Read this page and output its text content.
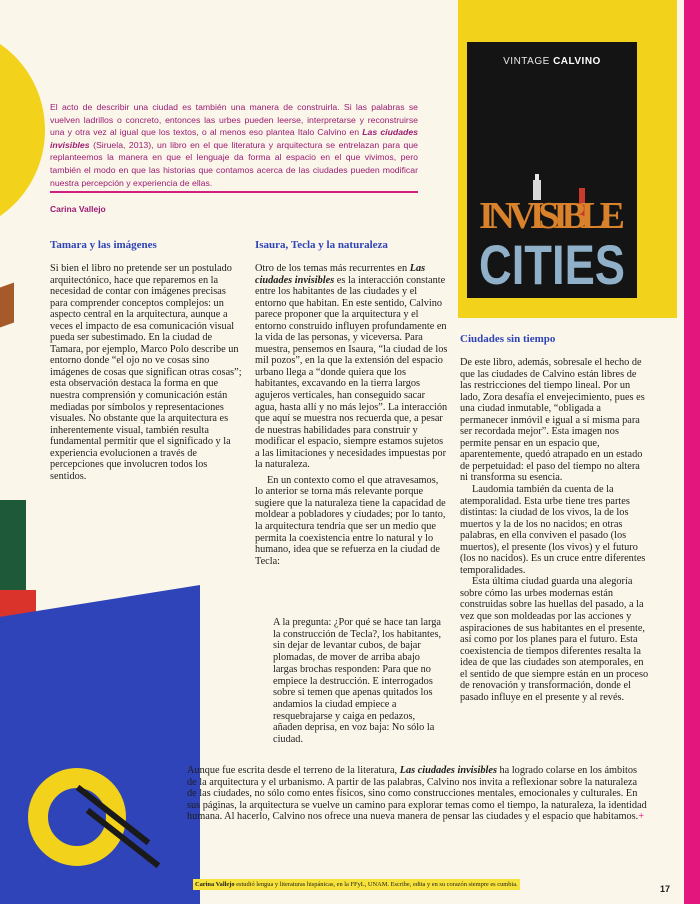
VINTAGE CALVINO
INVISIBLE
CITIES
El acto de describir una ciudad es también una manera de construirla. Si las palabras se vuelven ladrillos o concreto, entonces las urbes pueden leerse, interpretarse y reconstruirse una y otra vez al igual que los textos, o al menos eso plantea Italo Calvino en Las ciudades invisibles (Siruela, 2013), un libro en el que literatura y arquitectura se entrelazan para que replanteemos la manera en que el lenguaje da forma al espacio en el que vivimos, pero también el modo en que las historias que contamos acerca de las ciudades pueden modificar nuestra percepción y experiencia de ellas.
Carina Vallejo
Tamara y las imágenes

Si bien el libro no pretende ser un postulado arquitectónico, hace que reparemos en la necesidad de contar con imágenes precisas para comprender conceptos complejos: un aspecto central en la arquitectura, aunque a veces el impacto de esa comunicación visual pueda ser subestimado. En la ciudad de Tamara, por ejemplo, Marco Polo describe un entorno donde “el ojo no ve cosas sino imágenes de cosas que significan otras cosas”; esta observación destaca la forma en que nuestra comprensión y comunicación están mediadas por símbolos y representaciones visuales. No obstante que la arquitectura es inherentemente visual, también resulta fundamental permitir que el significado y la experiencia evolucionen a través de percepciones que involucren todos los sentidos.

Isaura, Tecla y la naturaleza

Otro de los temas más recurrentes en Las ciudades invisibles es la interacción constante entre los habitantes de las ciudades y el entorno que habitan. En este sentido, Calvino parece proponer que la arquitectura y el entorno construido influyen profundamente en la vida de las personas, y viceversa. Para muestra, pensemos en Isaura, “la ciudad de los mil pozos”, en la que la extensión del espacio urbano llega a “donde quiera que los habitantes, excavando en la tierra largos agujeros verticales, han conseguido sacar agua, hasta allí y no más lejos”. La interacción que aquí se muestra nos recuerda que, a pesar de nuestras habilidades para construir y modificar el espacio, siempre estamos sujetos a las limitaciones y necesidades impuestas por la naturaleza.

En un contexto como el que atravesamos, lo anterior se torna más relevante porque sugiere que la naturaleza tiene la capacidad de moldear a pobladores y ciudades; por lo tanto, la arquitectura tendría que ser un medio que permita la coexistencia entre lo natural y lo humano, idea que se refuerza en la ciudad de Tecla:

A la pregunta: ¿Por qué se hace tan larga la construcción de Tecla?, los habitantes, sin dejar de levantar cubos, de bajar plomadas, de mover de arriba abajo largas brochas responden: Para que no empiece la destrucción. E interrogados sobre si temen que apenas quitados los andamios la ciudad empiece a resquebrajarse y caiga en pedazos, añaden deprisa, en voz baja: No sólo la ciudad.
Ciudades sin tiempo

De este libro, además, sobresale el hecho de que las ciudades de Calvino están libres de las restricciones del tiempo lineal. Por un lado, Zora desafía el envejecimiento, pues es una ciudad inmutable, “obligada a permanecer inmóvil e igual a sí misma para ser recordada mejor”. Esta imagen nos permite pensar en un espacio que, aparentemente, quedó atrapado en un estado de perpetuidad: el paso del tiempo no altera ni transforma su esencia.

Laudomia también da cuenta de la atemporalidad. Esta urbe tiene tres partes distintas: la ciudad de los vivos, la de los muertos y la de los no nacidos; en otras palabras, en ella conviven el pasado (los muertos), el presente (los vivos) y el futuro (los no nacidos). Es un cruce entre diferentes temporalidades.

Esta última ciudad guarda una alegoría sobre cómo las urbes modernas están construidas sobre las huellas del pasado, a la vez que son moldeadas por las acciones y aspiraciones de sus habitantes en el presente, así como por los planes para el futuro. Esta coexistencia de tiempos diferentes resalta la idea de que las ciudades son atemporales, en el sentido de que siempre están en un proceso de renovación y transformación, donde el pasado influye en el presente y al revés.

Aunque fue escrita desde el terreno de la literatura, Las ciudades invisibles ha logrado colarse en los ámbitos de la arquitectura y el urbanismo. A partir de las palabras, Calvino nos invita a reflexionar sobre la naturaleza de las ciudades, no sólo como entes físicos, sino como construcciones mentales, emocionales y culturales. En sus páginas, la arquitectura se vuelve un camino para explorar temas como el tiempo, la naturaleza, la identidad humana. Al hacerlo, Calvino nos ofrece una nueva manera de pensar las ciudades y el espacio que habitamos.+
Carina Vallejo estudió lengua y literaturas hispánicas, en la FFyL, UNAM. Escribe, edita y en su corazón siempre es cumbia.	17
